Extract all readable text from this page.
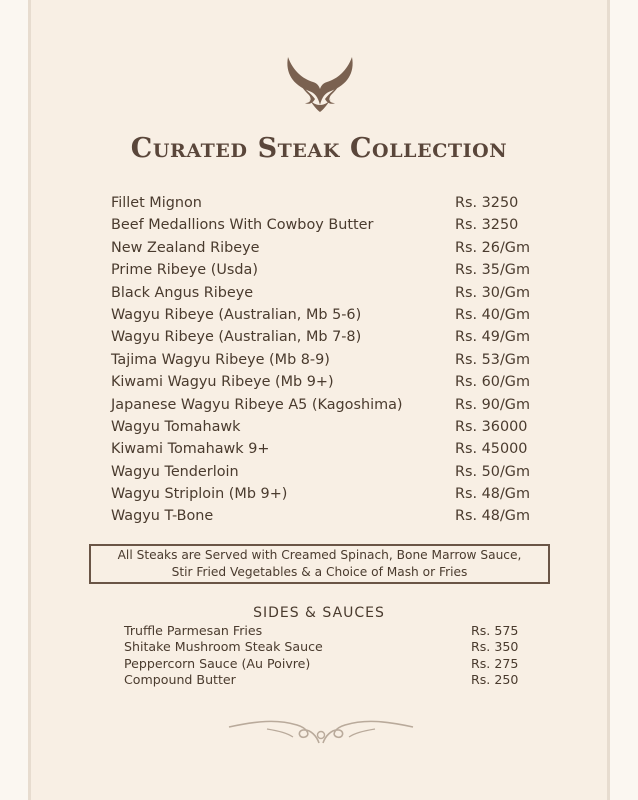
Curated Steak Collection
Fillet Mignon	Rs. 3250
Beef Medallions With Cowboy Butter	Rs. 3250
New Zealand Ribeye	Rs. 26/Gm
Prime Ribeye (Usda)	Rs. 35/Gm
Black Angus Ribeye	Rs. 30/Gm
Wagyu Ribeye (Australian, Mb 5-6)	Rs. 40/Gm
Wagyu Ribeye (Australian, Mb 7-8)	Rs. 49/Gm
Tajima Wagyu Ribeye (Mb 8-9)	Rs. 53/Gm
Kiwami Wagyu Ribeye (Mb 9+)	Rs. 60/Gm
Japanese Wagyu Ribeye A5 (Kagoshima)	Rs. 90/Gm
Wagyu Tomahawk	Rs. 36000
Kiwami Tomahawk 9+	Rs. 45000
Wagyu Tenderloin	Rs. 50/Gm
Wagyu Striploin (Mb 9+)	Rs. 48/Gm
Wagyu T-Bone	Rs. 48/Gm
All Steaks are Served with Creamed Spinach, Bone Marrow Sauce,
Stir Fried Vegetables & a Choice of Mash or Fries
SIDES & SAUCES
Truffle Parmesan Fries	Rs. 575
Shitake Mushroom Steak Sauce	Rs. 350
Peppercorn Sauce (Au Poivre)	Rs. 275
Compound Butter	Rs. 250
